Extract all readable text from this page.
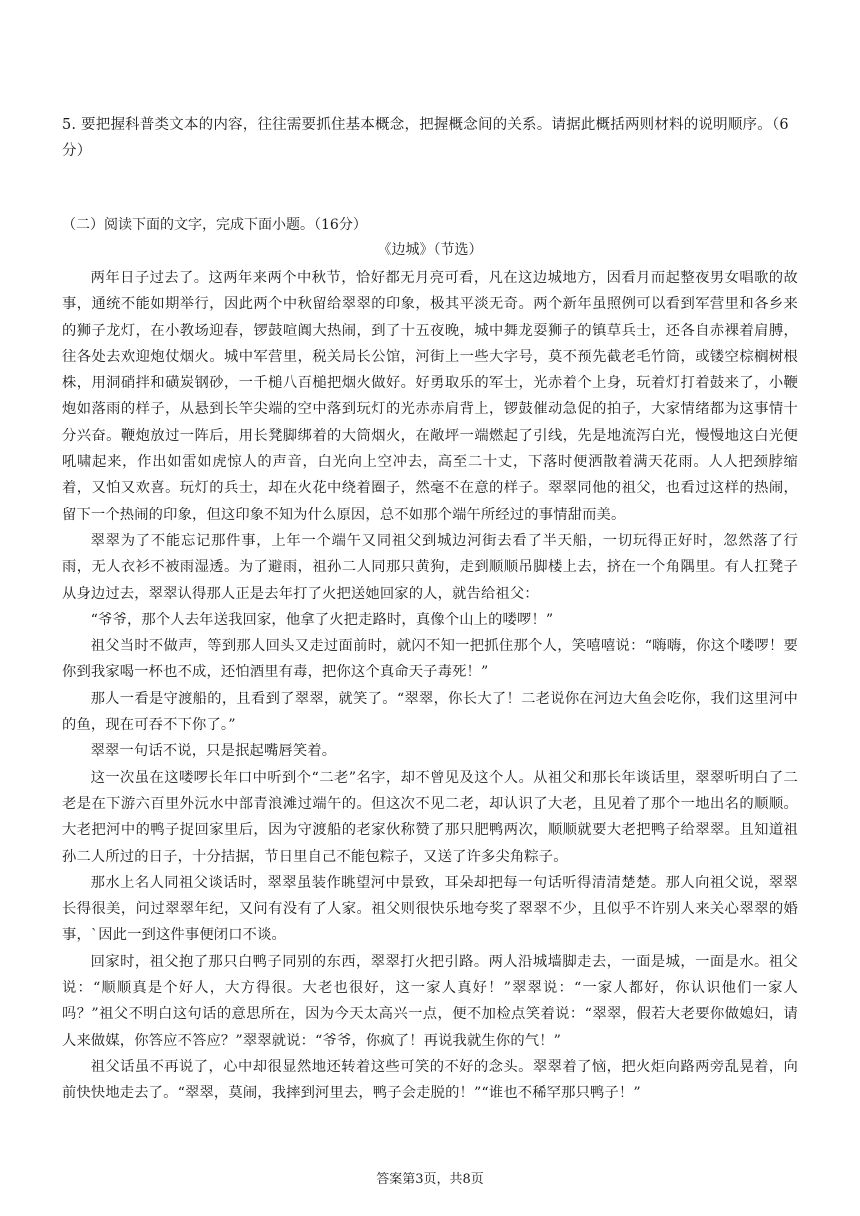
5. 要把握科普类文本的内容，往往需要抓住基本概念，把握概念间的关系。请据此概括两则材料的说明顺序。（6分）
（二）阅读下面的文字，完成下面小题。（16分）
《边城》（节选）

两年日子过去了。这两年来两个中秋节，恰好都无月亮可看，凡在这边城地方，因看月而起整夜男女唱歌的故事，通统不能如期举行，因此两个中秋留给翠翠的印象，极其平淡无奇。两个新年虽照例可以看到军营里和各乡来的狮子龙灯，在小教场迎春，锣鼓喧阗大热闹，到了十五夜晚，城中舞龙耍狮子的镇草兵士，还各自赤裸着肩膊，往各处去欢迎炮仗烟火。城中军营里，税关局长公馆，河街上一些大字号，莫不预先截老毛竹筒，或镂空棕榈树根株，用洞硝拌和磺炭钢砂，一千槌八百槌把烟火做好。好勇取乐的军士，光赤着个上身，玩着灯打着鼓来了，小鞭炮如落雨的样子，从悬到长竿尖端的空中落到玩灯的光赤赤肩背上，锣鼓催动急促的拍子，大家情绪都为这事情十分兴奋。鞭炮放过一阵后，用长凳脚绑着的大筒烟火，在敞坪一端燃起了引线，先是地流泻白光，慢慢地这白光便吼啸起来，作出如雷如虎惊人的声音，白光向上空冲去，高至二十丈，下落时便洒散着满天花雨。人人把颈脖缩着，又怕又欢喜。玩灯的兵士，却在火花中绕着圈子，然毫不在意的样子。翠翠同他的祖父，也看过这样的热闹，留下一个热闹的印象，但这印象不知为什么原因，总不如那个端午所经过的事情甜而美。

翠翠为了不能忘记那件事，上年一个端午又同祖父到城边河街去看了半天船，一切玩得正好时，忽然落了行雨，无人衣衫不被雨湿透。为了避雨，祖孙二人同那只黄狗，走到顺顺吊脚楼上去，挤在一个角隅里。有人扛凳子从身边过去，翠翠认得那人正是去年打了火把送她回家的人，就告给祖父：

“爷爷，那个人去年送我回家，他拿了火把走路时，真像个山上的喽啰！”

祖父当时不做声，等到那人回头又走过面前时，就闪不知一把抓住那个人，笑嘻嘻说：“嗨嗨，你这个喽啰！要你到我家喝一杯也不成，还怕酒里有毒，把你这个真命天子毒死！”

那人一看是守渡船的，且看到了翠翠，就笑了。“翠翠，你长大了！二老说你在河边大鱼会吃你，我们这里河中的鱼，现在可吞不下你了。”

翠翠一句话不说，只是抿起嘴唇笑着。

这一次虽在这喽啰长年口中听到个“二老”名字，却不曾见及这个人。从祖父和那长年谈话里，翠翠听明白了二老是在下游六百里外沅水中部青浪滩过端午的。但这次不见二老，却认识了大老，且见着了那个一地出名的顺顺。大老把河中的鸭子捉回家里后，因为守渡船的老家伙称赞了那只肥鸭两次，顺顺就要大老把鸭子给翠翠。且知道祖孙二人所过的日子，十分拮据，节日里自己不能包粽子，又送了许多尖角粽子。

那水上名人同祖父谈话时，翠翠虽装作眺望河中景致，耳朵却把每一句话听得清清楚楚。那人向祖父说，翠翠长得很美，问过翠翠年纪，又问有没有了人家。祖父则很快乐地夸奖了翠翠不少，且似乎不许别人来关心翠翠的婚事，`因此一到这件事便闭口不谈。

回家时，祖父抱了那只白鸭子同别的东西，翠翠打火把引路。两人沿城墙脚走去，一面是城，一面是水。祖父说：“顺顺真是个好人，大方得很。大老也很好，这一家人真好！”翠翠说：“一家人都好，你认识他们一家人吗？”祖父不明白这句话的意思所在，因为今天太高兴一点，便不加检点笑着说：“翠翠，假若大老要你做媳妇，请人来做媒，你答应不答应？”翠翠就说：“爷爷，你疯了！再说我就生你的气！”

祖父话虽不再说了，心中却很显然地还转着这些可笑的不好的念头。翠翠着了恼，把火炬向路两旁乱晃着，向前快快地走去了。“翠翠，莫闹，我摔到河里去，鸭子会走脱的！”“谁也不稀罕那只鸭子！”

答案第3页，共8页
